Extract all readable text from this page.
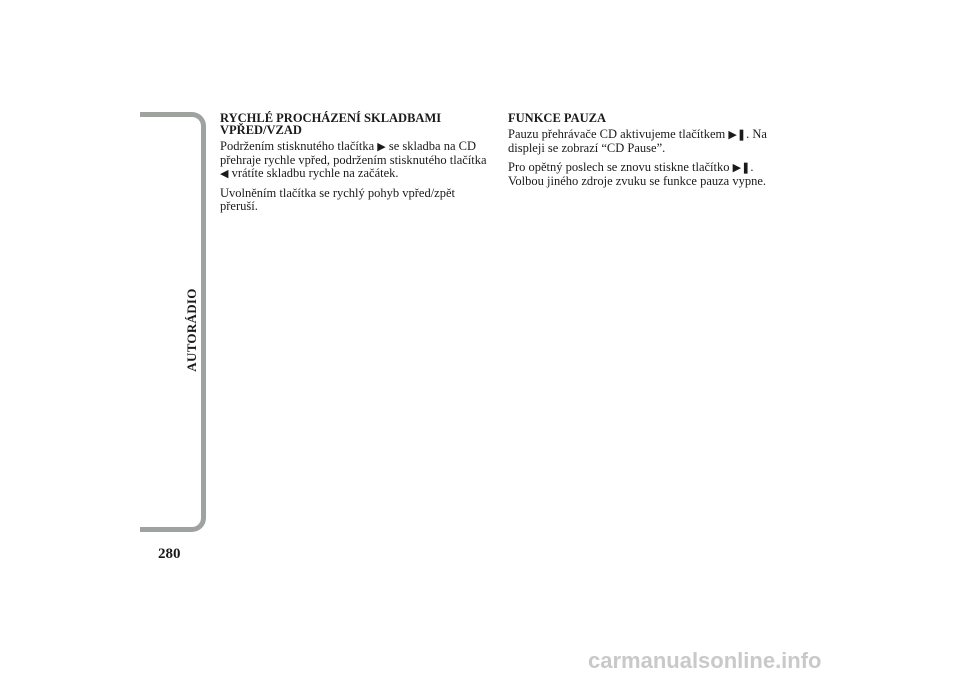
AUTORÁDIO
280
RYCHLÉ PROCHÁZENÍ SKLADBAMI
VPŘED/VZAD

Podržením stisknutého tlačítka ▶ se skladba na CD přehraje rychle vpřed, podržením stisknutého tlačítka ◀ vrátíte skladbu rychle na začátek.

Uvolněním tlačítka se rychlý pohyb vpřed/zpět přeruší.

FUNKCE PAUZA

Pauzu přehrávače CD aktivujeme tlačítkem ▶❚. Na displeji se zobrazí “CD Pause”.

Pro opětný poslech se znovu stiskne tlačítko ▶❚. Volbou jiného zdroje zvuku se funkce pauza vypne.

carmanualsonline.info
